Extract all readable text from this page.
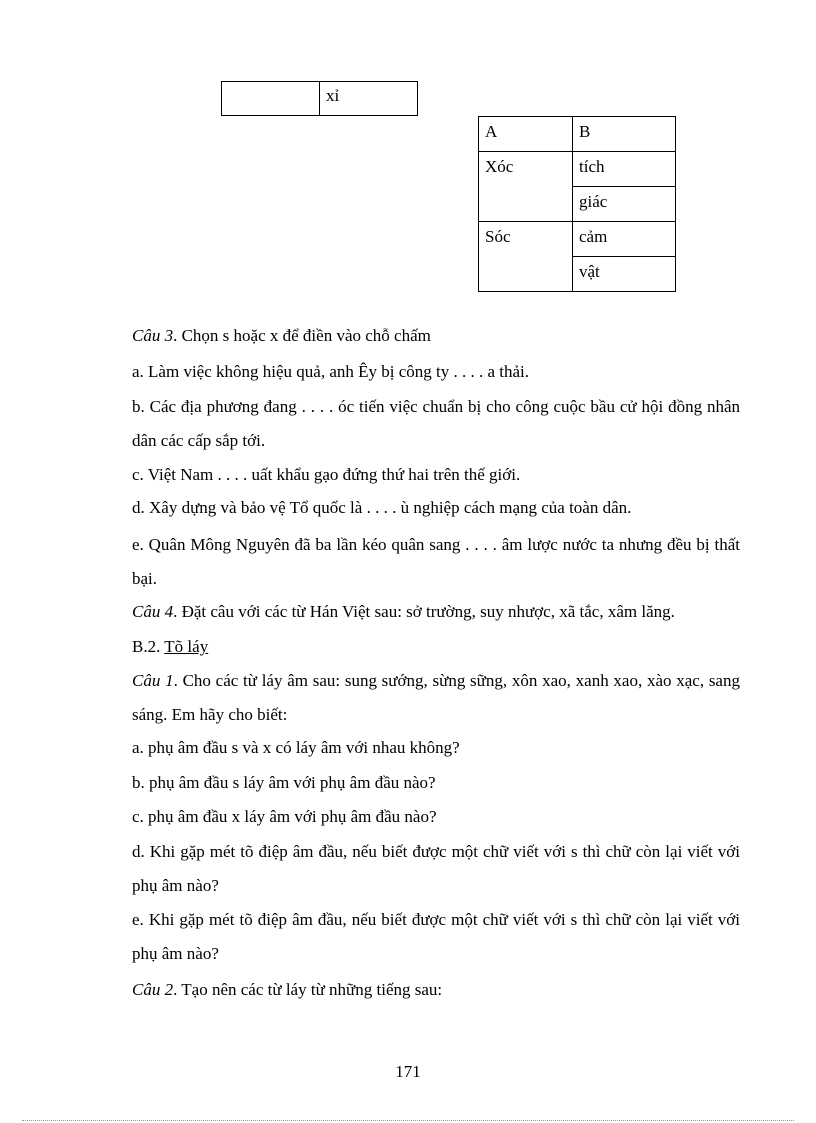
	xỉ
A	B
Xóc	tích
	giác
Sóc	cảm
	vật

Câu 3. Chọn s hoặc x để điền vào chỗ chấm

a. Làm việc không hiệu quả, anh Êy bị công ty . . . . a thải.

b. Các địa phương đang . . . . óc tiến việc chuẩn bị cho công cuộc bầu cử hội đồng nhân dân các cấp sắp tới.

c. Việt Nam . . . . uất khẩu gạo đứng thứ hai trên thế giới.

d. Xây dựng và bảo vệ Tổ quốc là . . . . ù nghiệp cách mạng của toàn dân.

e. Quân Mông Nguyên đã ba lần kéo quân sang . . . . âm lược nước ta nhưng đều bị thất bại.

Câu 4. Đặt câu với các từ Hán Việt sau: sở trường, suy nhược, xã tắc, xâm lăng.

B.2. Tõ láy

Câu 1. Cho các từ láy âm sau: sung sướng, sừng sững, xôn xao, xanh xao, xào xạc, sang sáng. Em hãy cho biết:

a. phụ âm đầu s và x có láy âm với nhau không?

b. phụ âm đầu s láy âm với phụ âm đầu nào?

c. phụ âm đầu x láy âm với phụ âm đầu nào?

d. Khi gặp mét tõ điệp âm đầu, nếu biết được một chữ viết với s thì chữ còn lại viết với phụ âm nào?

e. Khi gặp mét tõ điệp âm đầu, nếu biết được một chữ viết với s thì chữ còn lại viết với phụ âm nào?

Câu 2. Tạo nên các từ láy từ những tiếng sau:

171
